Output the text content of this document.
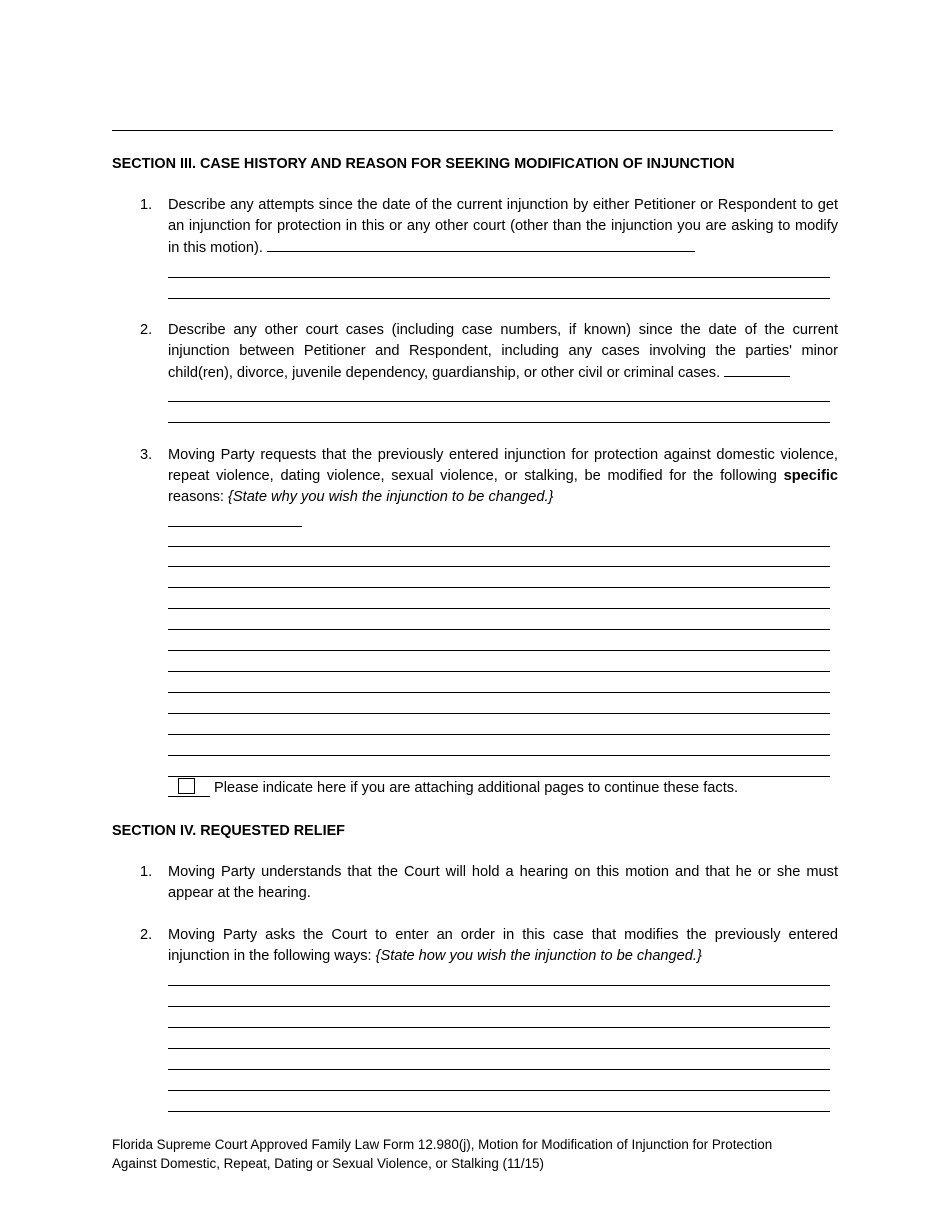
SECTION III. CASE HISTORY AND REASON FOR SEEKING MODIFICATION OF INJUNCTION
1. Describe any attempts since the date of the current injunction by either Petitioner or Respondent to get an injunction for protection in this or any other court (other than the injunction you are asking to modify in this motion).
2. Describe any other court cases (including case numbers, if known) since the date of the current injunction between Petitioner and Respondent, including any cases involving the parties' minor child(ren), divorce, juvenile dependency, guardianship, or other civil or criminal cases.
3. Moving Party requests that the previously entered injunction for protection against domestic violence, repeat violence, dating violence, sexual violence, or stalking, be modified for the following specific reasons: {State why you wish the injunction to be changed.}
Please indicate here if you are attaching additional pages to continue these facts.
SECTION IV. REQUESTED RELIEF
1. Moving Party understands that the Court will hold a hearing on this motion and that he or she must appear at the hearing.
2. Moving Party asks the Court to enter an order in this case that modifies the previously entered injunction in the following ways: {State how you wish the injunction to be changed.}
Florida Supreme Court Approved Family Law Form 12.980(j), Motion for Modification of Injunction for Protection
Against Domestic, Repeat, Dating or Sexual Violence, or Stalking (11/15)
